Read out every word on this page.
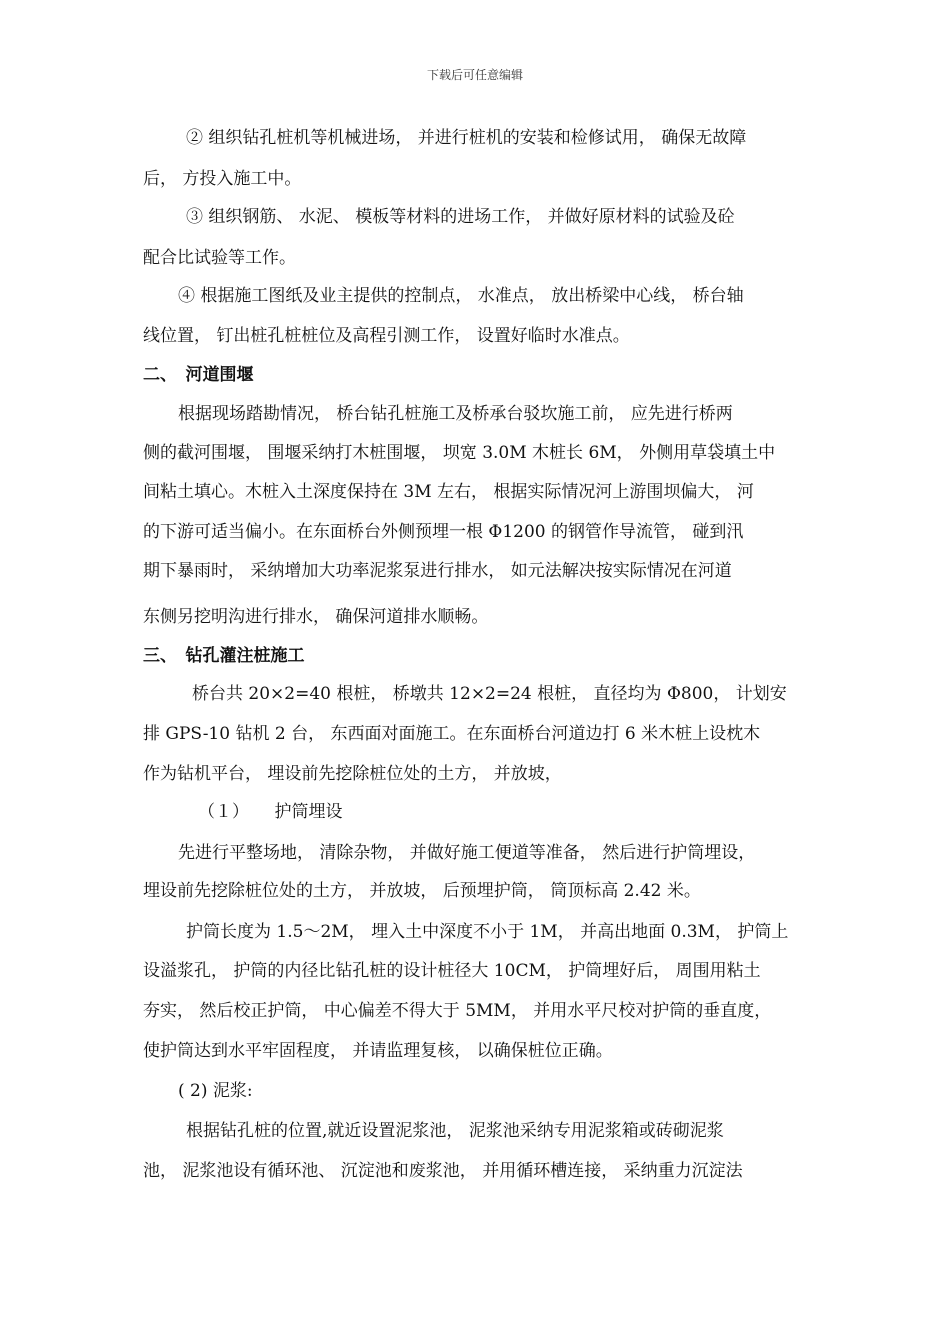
下载后可任意编辑
② 组织钻孔桩机等机械进场， 并进行桩机的安装和检修试用， 确保无故障
后， 方投入施工中。
③ 组织钢筋、 水泥、 模板等材料的进场工作， 并做好原材料的试验及砼
配合比试验等工作。
④ 根据施工图纸及业主提供的控制点， 水准点， 放出桥梁中心线， 桥台轴
线位置， 钉出桩孔桩桩位及高程引测工作， 设置好临时水准点。
二、　河道围堰
根据现场踏勘情况， 桥台钻孔桩施工及桥承台驳坎施工前， 应先进行桥两
侧的截河围堰， 围堰采纳打木桩围堰， 坝宽 3.0M 木桩长 6M， 外侧用草袋填土中
间粘土填心。木桩入土深度保持在 3M 左右， 根据实际情况河上游围坝偏大， 河
的下游可适当偏小。在东面桥台外侧预埋一根 Φ1200 的钢管作导流管， 碰到汛
期下暴雨时， 采纳增加大功率泥浆泵进行排水， 如元法解决按实际情况在河道
东侧另挖明沟进行排水， 确保河道排水顺畅。
三、　钻孔灌注桩施工
桥台共 20×2=40 根桩， 桥墩共 12×2=24 根桩， 直径均为 Φ800， 计划安
排 GPS-10 钻机 2 台， 东西面对面施工。在东面桥台河道边打 6 米木桩上设枕木
作为钻机平台， 埋设前先挖除桩位处的土方， 并放坡，
（１）　　护筒埋设
先进行平整场地， 清除杂物， 并做好施工便道等准备， 然后进行护筒埋设，
埋设前先挖除桩位处的土方， 并放坡， 后预埋护筒， 筒顶标高 2.42 米。
护筒长度为 1.5～2M， 埋入土中深度不小于 1M， 并高出地面 0.3M， 护筒上
设溢浆孔， 护筒的内径比钻孔桩的设计桩径大 10CM， 护筒埋好后， 周围用粘土
夯实， 然后校正护筒， 中心偏差不得大于 5MM， 并用水平尺校对护筒的垂直度，
使护筒达到水平牢固程度， 并请监理复核， 以确保桩位正确。
( 2) 泥浆:
根据钻孔桩的位置,就近设置泥浆池， 泥浆池采纳专用泥浆箱或砖砌泥浆
池， 泥浆池设有循环池、 沉淀池和废浆池， 并用循环槽连接， 采纳重力沉淀法
